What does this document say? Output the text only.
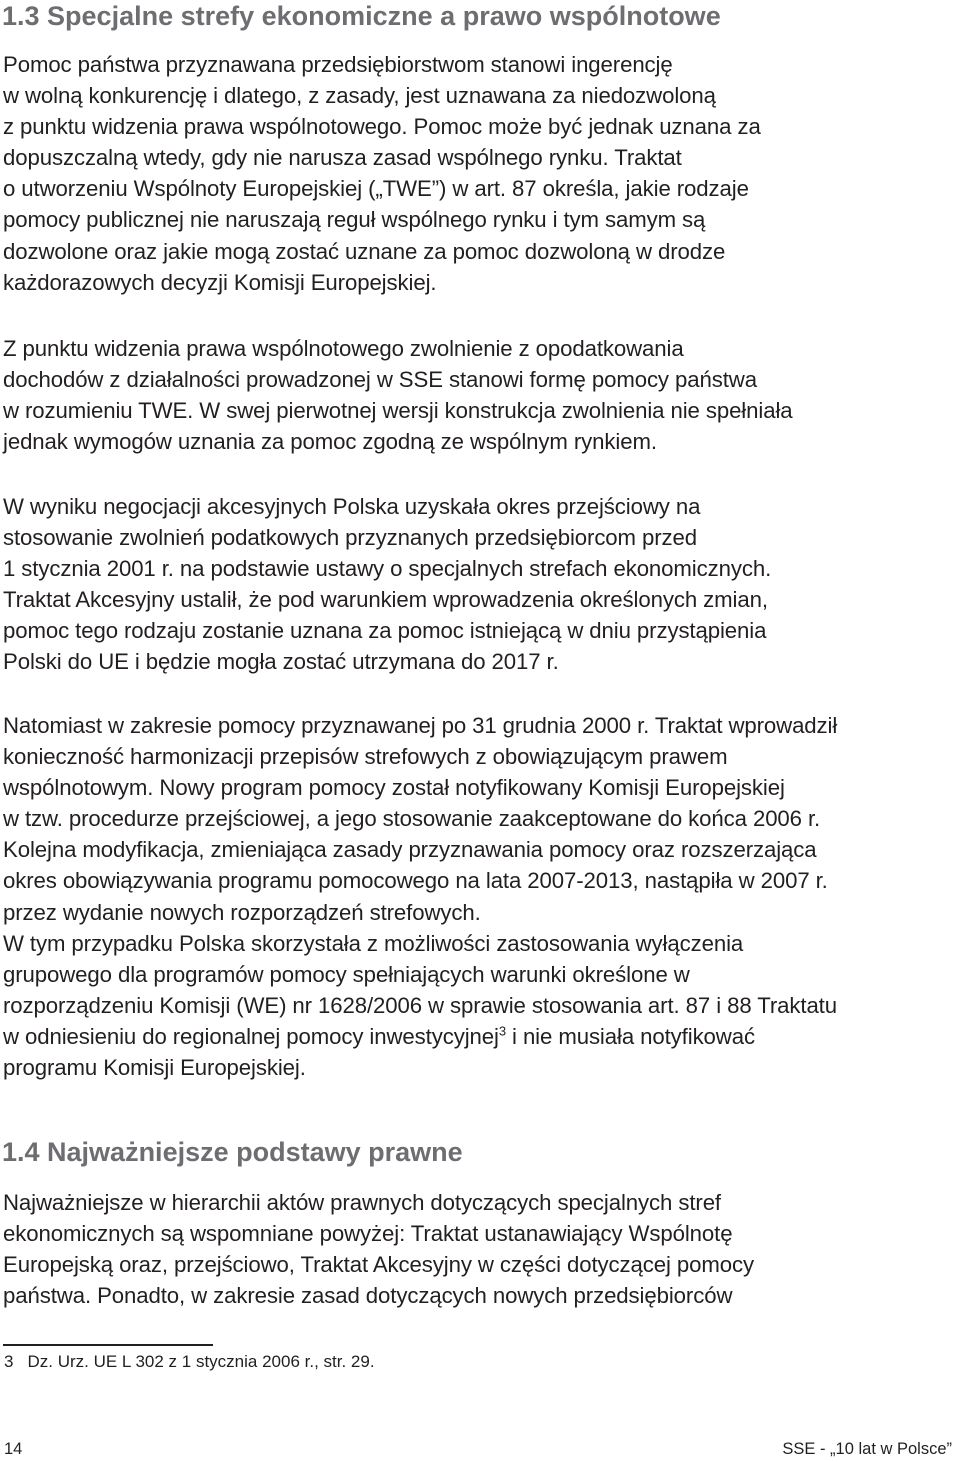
1.3 Specjalne strefy ekonomiczne a prawo wspólnotowe

Pomoc państwa przyznawana przedsiębiorstwom stanowi ingerencję
w wolną konkurencję i dlatego, z zasady, jest uznawana za niedozwoloną
z punktu widzenia prawa wspólnotowego. Pomoc może być jednak uznana za
dopuszczalną wtedy, gdy nie narusza zasad wspólnego rynku. Traktat
o utworzeniu Wspólnoty Europejskiej („TWE”) w art. 87 określa, jakie rodzaje
pomocy publicznej nie naruszają reguł wspólnego rynku i tym samym są
dozwolone oraz jakie mogą zostać uznane za pomoc dozwoloną w drodze
każdorazowych decyzji Komisji Europejskiej.

Z punktu widzenia prawa wspólnotowego zwolnienie z opodatkowania
dochodów z działalności prowadzonej w SSE stanowi formę pomocy państwa
w rozumieniu TWE. W swej pierwotnej wersji konstrukcja zwolnienia nie spełniała
jednak wymogów uznania za pomoc zgodną ze wspólnym rynkiem.

W wyniku negocjacji akcesyjnych Polska uzyskała okres przejściowy na
stosowanie zwolnień podatkowych przyznanych przedsiębiorcom przed
1 stycznia 2001 r. na podstawie ustawy o specjalnych strefach ekonomicznych.
Traktat Akcesyjny ustalił, że pod warunkiem wprowadzenia określonych zmian,
pomoc tego rodzaju zostanie uznana za pomoc istniejącą w dniu przystąpienia
Polski do UE i będzie mogła zostać utrzymana do 2017 r.

Natomiast w zakresie pomocy przyznawanej po 31 grudnia 2000 r. Traktat wprowadził
konieczność harmonizacji przepisów strefowych z obowiązującym prawem
wspólnotowym. Nowy program pomocy został notyfikowany Komisji Europejskiej
w tzw. procedurze przejściowej, a jego stosowanie zaakceptowane do końca 2006 r.
Kolejna modyfikacja, zmieniająca zasady przyznawania pomocy oraz rozszerzająca
okres obowiązywania programu pomocowego na lata 2007-2013, nastąpiła w 2007 r.
przez wydanie nowych rozporządzeń strefowych.
W tym przypadku Polska skorzystała z możliwości zastosowania wyłączenia
grupowego dla programów pomocy spełniających warunki określone w
rozporządzeniu Komisji (WE) nr 1628/2006 w sprawie stosowania art. 87 i 88 Traktatu
w odniesieniu do regionalnej pomocy inwestycyjnej$^3$ i nie musiała notyfikować
programu Komisji Europejskiej.

1.4 Najważniejsze podstawy prawne

Najważniejsze w hierarchii aktów prawnych dotyczących specjalnych stref
ekonomicznych są wspomniane powyżej: Traktat ustanawiający Wspólnotę
Europejską oraz, przejściowo, Traktat Akcesyjny w części dotyczącej pomocy
państwa. Ponadto, w zakresie zasad dotyczących nowych przedsiębiorców

3 Dz. Urz. UE L 302 z 1 stycznia 2006 r., str. 29.
14	SSE - „10 lat w Polsce”
